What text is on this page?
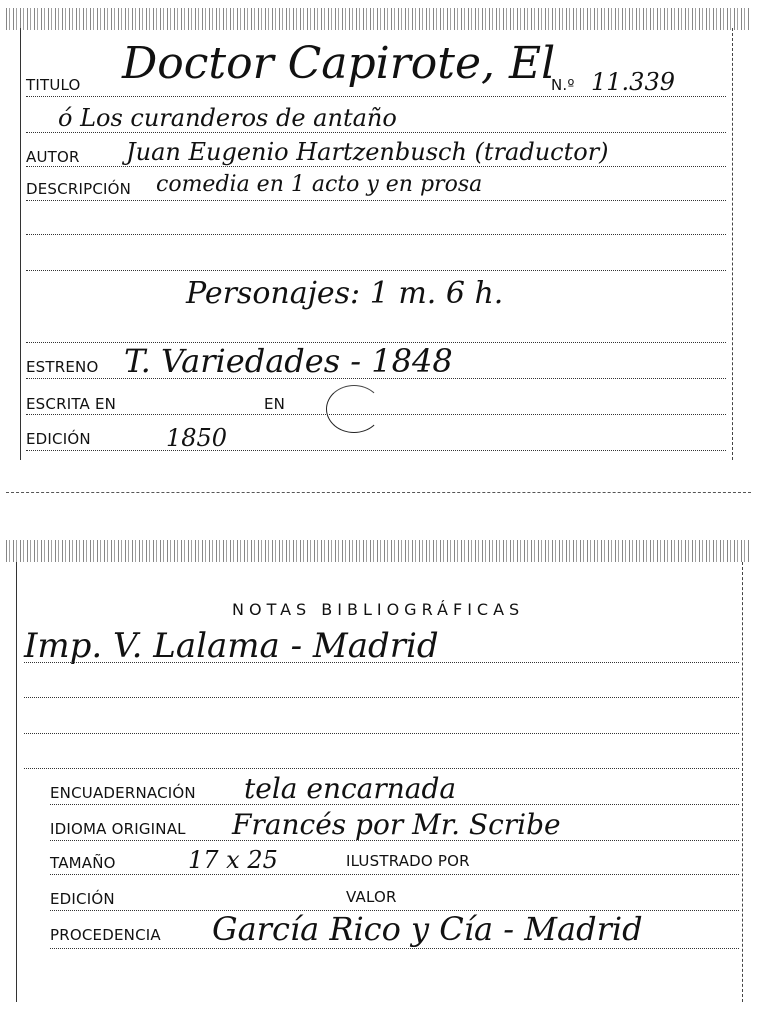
TITULO Doctor Capirote, El
N.º 11.339
ó Los curanderos de antaño
AUTOR Juan Eugenio Hartzenbusch (traductor)
DESCRIPCIÓN comedia en 1 acto y en prosa
Personajes: 1 m. 6 h.
ESTRENO T. Variedades - 1848
ESCRITA EN	EN
EDICIÓN	1850
NOTAS BIBLIOGRÁFICAS
Imp. V. Lalama - Madrid
ENCUADERNACIÓN tela encarnada
IDIOMA ORIGINAL Francés por Mr. Scribe
TAMAÑO	17 x 25	ILUSTRADO POR
EDICIÓN	VALOR
PROCEDENCIA García Rico y Cía - Madrid
